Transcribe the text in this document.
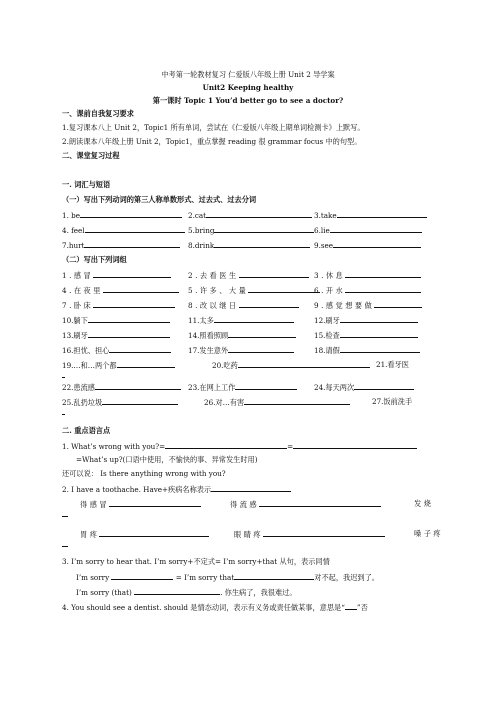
中考第一轮教材复习 仁爱版八年级上册 Unit 2 导学案
Unit2 Keeping healthy
第一课时 Topic 1 You’d better go to see a doctor?
一、课前自我复习要求
1.复习课本八上 Unit 2，Topic1 所有单词，尝试在《仁爱版八年级上期单词检测卡》上默写。
2.朗读课本八年级上册 Unit 2，Topic1，重点掌握 reading 很 grammar focus 中的句型。
二、课堂复习过程
一. 词汇与短语
（一）写出下列动词的第三人称单数形式、过去式、过去分词
1. be	2.cat	3.take
4. feel	5.bring	6.lie
7.hurt	8.drink	9.see
（二）写出下列词组
1.感冒	2.去看医生	3.休息
4.在夜里	5.许多、大量	6.开水
7.卧床	8.改以继日	9.感觉想要做
10.躺下	11.太多	12.刷牙
13.刷牙	14.照看照顾	15.检查
16.担忧、担心	17.发生意外	18.请假
19.…和…两个都	20.吃药	21.看牙医
22.患流感	23.在网上工作	24.每天两次
25.乱扔垃圾	26.对…有害	27.饭前洗手
二. 重点语言点
1. What’s wrong with you?=	=
=What’s up?(口语中使用，不愉快的事、异常发生时用)
还可以说： Is there anything wrong with you?
2. I have a toothache. Have+疾病名称表示
得感冒	得流感	发烧
胃疼	眼睛疼	嗓子疼
3. I’m sorry to hear that. I’m sorry+不定式= I’m sorry+that 从句，表示同情
I’m sorry	= I’m sorry that	对不起，我迟到了。
I’m sorry (that)	. 你生病了，我很难过。
4. You should see a dentist. should 是情态动词，表示有义务或责任做某事，意思是“ ”否
